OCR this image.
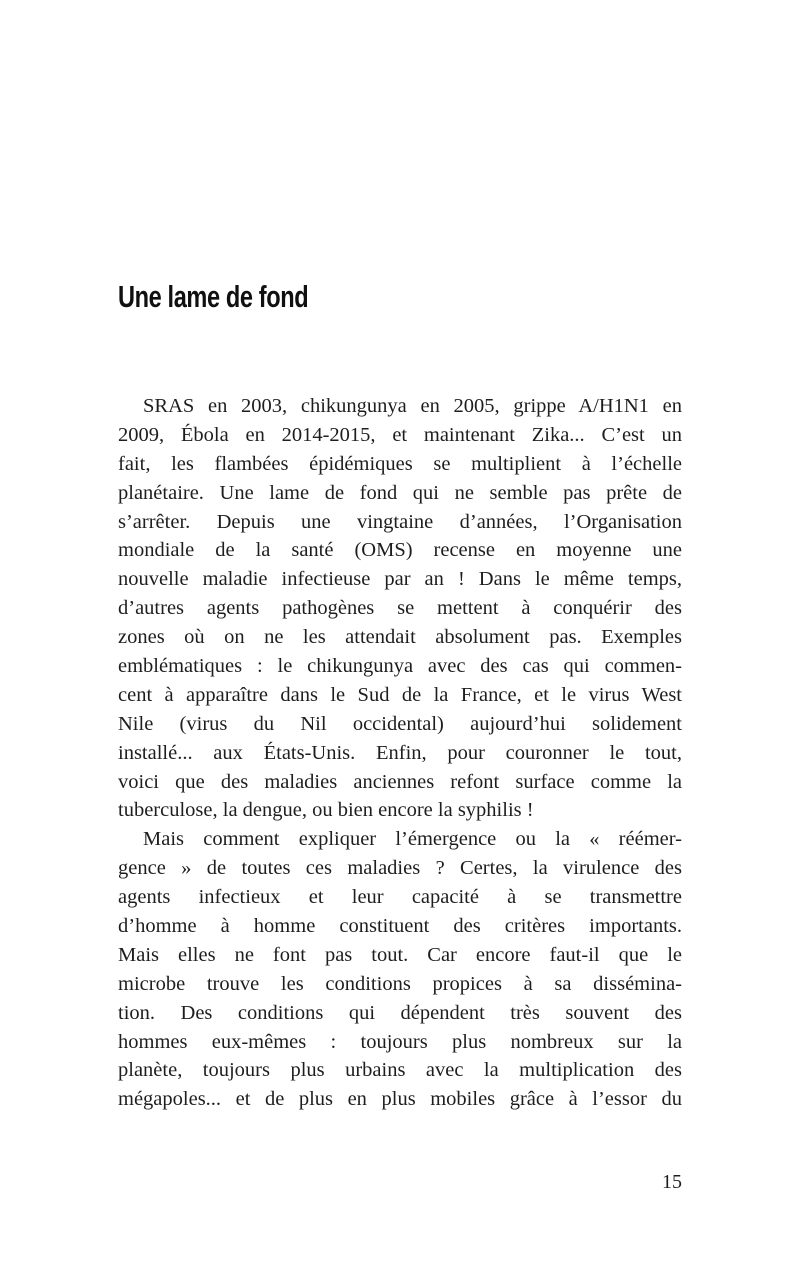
Une lame de fond
SRAS en 2003, chikungunya en 2005, grippe A/H1N1 en
2009, Ébola en 2014-2015, et maintenant Zika... C’est un
fait, les flambées épidémiques se multiplient à l’échelle
planétaire. Une lame de fond qui ne semble pas prête de
s’arrêter. Depuis une vingtaine d’années, l’Organisation
mondiale de la santé (OMS) recense en moyenne une
nouvelle maladie infectieuse par an ! Dans le même temps,
d’autres agents pathogènes se mettent à conquérir des
zones où on ne les attendait absolument pas. Exemples
emblématiques : le chikungunya avec des cas qui commen-
cent à apparaître dans le Sud de la France, et le virus West
Nile (virus du Nil occidental) aujourd’hui solidement
installé... aux États-Unis. Enfin, pour couronner le tout,
voici que des maladies anciennes refont surface comme la
tuberculose, la dengue, ou bien encore la syphilis !
Mais comment expliquer l’émergence ou la « réémer-
gence » de toutes ces maladies ? Certes, la virulence des
agents infectieux et leur capacité à se transmettre
d’homme à homme constituent des critères importants.
Mais elles ne font pas tout. Car encore faut-il que le
microbe trouve les conditions propices à sa dissémina-
tion. Des conditions qui dépendent très souvent des
hommes eux-mêmes : toujours plus nombreux sur la
planète, toujours plus urbains avec la multiplication des
mégapoles... et de plus en plus mobiles grâce à l’essor du
15
